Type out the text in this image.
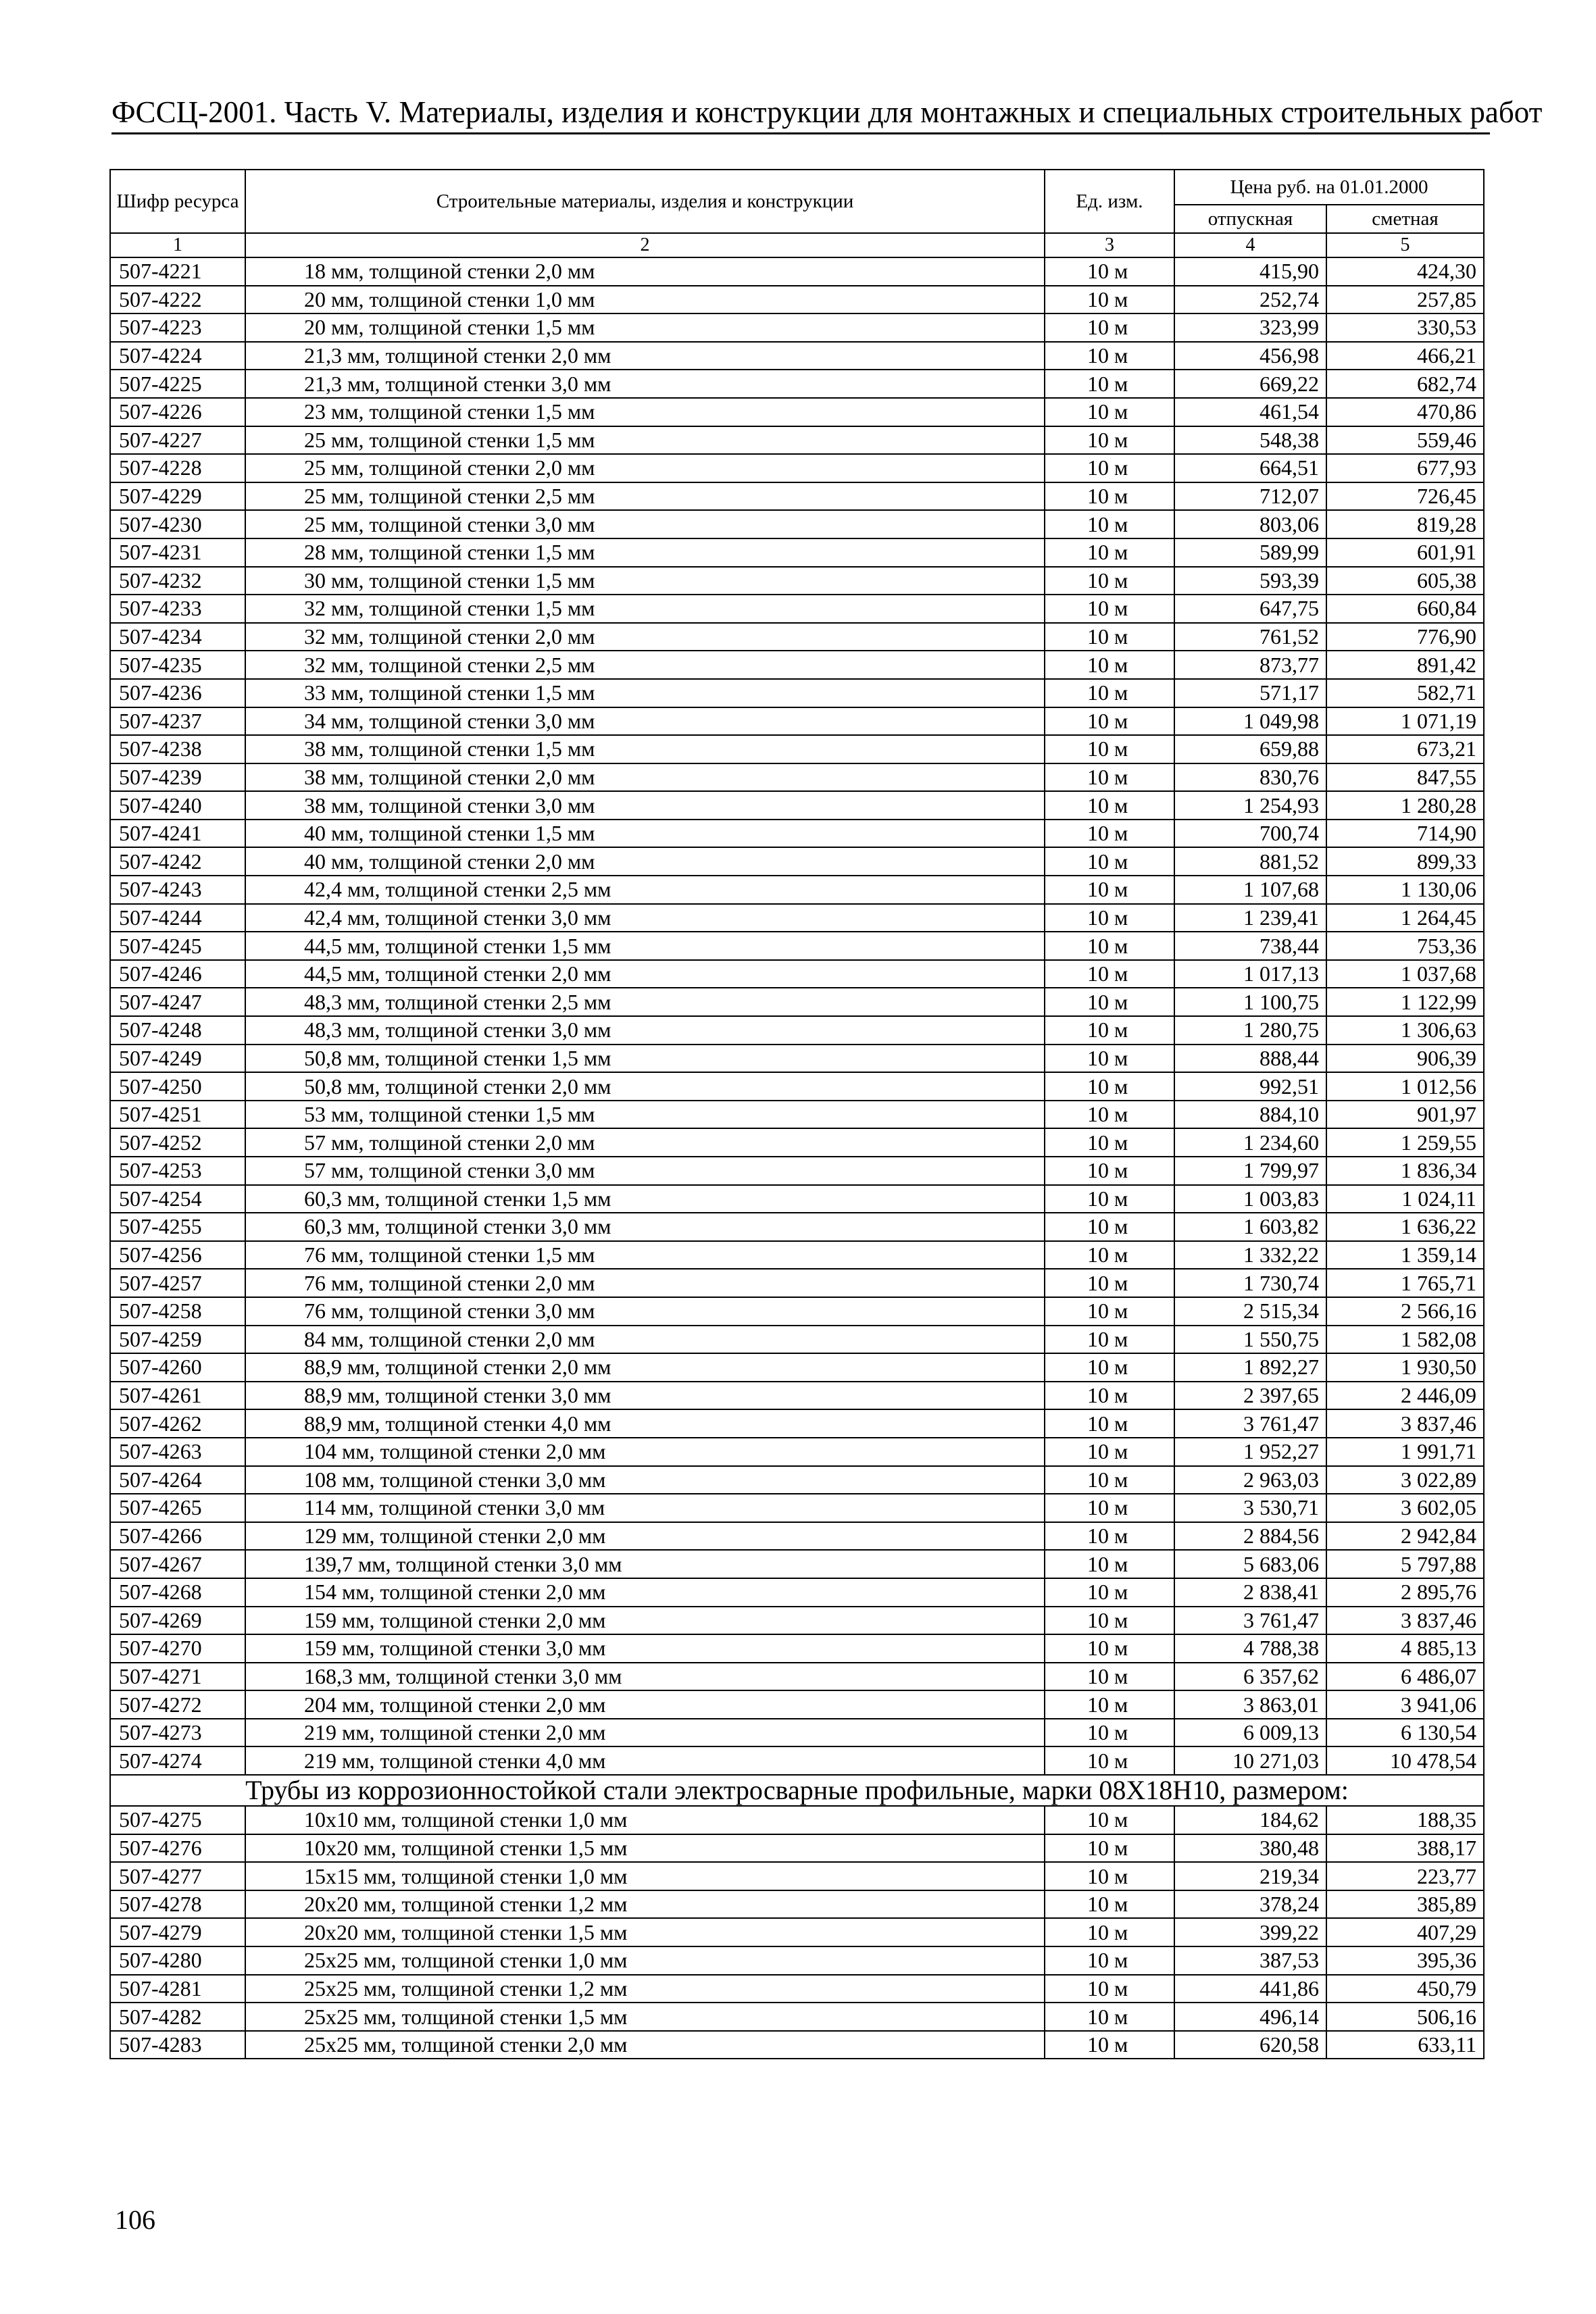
ФССЦ-2001. Часть V. Материалы, изделия и конструкции для монтажных и специальных строительных работ
Шифр ресурса	Строительные материалы, изделия и конструкции	Ед. изм.	Цена руб. на 01.01.2000	
			отпускная	сметная
1	2	3	4	5
507-4221	18 мм, толщиной стенки 2,0 мм	10 м	415,90	424,30
507-4222	20 мм, толщиной стенки 1,0 мм	10 м	252,74	257,85
507-4223	20 мм, толщиной стенки 1,5 мм	10 м	323,99	330,53
507-4224	21,3 мм, толщиной стенки 2,0 мм	10 м	456,98	466,21
507-4225	21,3 мм, толщиной стенки 3,0 мм	10 м	669,22	682,74
507-4226	23 мм, толщиной стенки 1,5 мм	10 м	461,54	470,86
507-4227	25 мм, толщиной стенки 1,5 мм	10 м	548,38	559,46
507-4228	25 мм, толщиной стенки 2,0 мм	10 м	664,51	677,93
507-4229	25 мм, толщиной стенки 2,5 мм	10 м	712,07	726,45
507-4230	25 мм, толщиной стенки 3,0 мм	10 м	803,06	819,28
507-4231	28 мм, толщиной стенки 1,5 мм	10 м	589,99	601,91
507-4232	30 мм, толщиной стенки 1,5 мм	10 м	593,39	605,38
507-4233	32 мм, толщиной стенки 1,5 мм	10 м	647,75	660,84
507-4234	32 мм, толщиной стенки 2,0 мм	10 м	761,52	776,90
507-4235	32 мм, толщиной стенки 2,5 мм	10 м	873,77	891,42
507-4236	33 мм, толщиной стенки 1,5 мм	10 м	571,17	582,71
507-4237	34 мм, толщиной стенки 3,0 мм	10 м	1 049,98	1 071,19
507-4238	38 мм, толщиной стенки 1,5 мм	10 м	659,88	673,21
507-4239	38 мм, толщиной стенки 2,0 мм	10 м	830,76	847,55
507-4240	38 мм, толщиной стенки 3,0 мм	10 м	1 254,93	1 280,28
507-4241	40 мм, толщиной стенки 1,5 мм	10 м	700,74	714,90
507-4242	40 мм, толщиной стенки 2,0 мм	10 м	881,52	899,33
507-4243	42,4 мм, толщиной стенки 2,5 мм	10 м	1 107,68	1 130,06
507-4244	42,4 мм, толщиной стенки 3,0 мм	10 м	1 239,41	1 264,45
507-4245	44,5 мм, толщиной стенки 1,5 мм	10 м	738,44	753,36
507-4246	44,5 мм, толщиной стенки 2,0 мм	10 м	1 017,13	1 037,68
507-4247	48,3 мм, толщиной стенки 2,5 мм	10 м	1 100,75	1 122,99
507-4248	48,3 мм, толщиной стенки 3,0 мм	10 м	1 280,75	1 306,63
507-4249	50,8 мм, толщиной стенки 1,5 мм	10 м	888,44	906,39
507-4250	50,8 мм, толщиной стенки 2,0 мм	10 м	992,51	1 012,56
507-4251	53 мм, толщиной стенки 1,5 мм	10 м	884,10	901,97
507-4252	57 мм, толщиной стенки 2,0 мм	10 м	1 234,60	1 259,55
507-4253	57 мм, толщиной стенки 3,0 мм	10 м	1 799,97	1 836,34
507-4254	60,3 мм, толщиной стенки 1,5 мм	10 м	1 003,83	1 024,11
507-4255	60,3 мм, толщиной стенки 3,0 мм	10 м	1 603,82	1 636,22
507-4256	76 мм, толщиной стенки 1,5 мм	10 м	1 332,22	1 359,14
507-4257	76 мм, толщиной стенки 2,0 мм	10 м	1 730,74	1 765,71
507-4258	76 мм, толщиной стенки 3,0 мм	10 м	2 515,34	2 566,16
507-4259	84 мм, толщиной стенки 2,0 мм	10 м	1 550,75	1 582,08
507-4260	88,9 мм, толщиной стенки 2,0 мм	10 м	1 892,27	1 930,50
507-4261	88,9 мм, толщиной стенки 3,0 мм	10 м	2 397,65	2 446,09
507-4262	88,9 мм, толщиной стенки 4,0 мм	10 м	3 761,47	3 837,46
507-4263	104 мм, толщиной стенки 2,0 мм	10 м	1 952,27	1 991,71
507-4264	108 мм, толщиной стенки 3,0 мм	10 м	2 963,03	3 022,89
507-4265	114 мм, толщиной стенки 3,0 мм	10 м	3 530,71	3 602,05
507-4266	129 мм, толщиной стенки 2,0 мм	10 м	2 884,56	2 942,84
507-4267	139,7 мм, толщиной стенки 3,0 мм	10 м	5 683,06	5 797,88
507-4268	154 мм, толщиной стенки 2,0 мм	10 м	2 838,41	2 895,76
507-4269	159 мм, толщиной стенки 2,0 мм	10 м	3 761,47	3 837,46
507-4270	159 мм, толщиной стенки 3,0 мм	10 м	4 788,38	4 885,13
507-4271	168,3 мм, толщиной стенки 3,0 мм	10 м	6 357,62	6 486,07
507-4272	204 мм, толщиной стенки 2,0 мм	10 м	3 863,01	3 941,06
507-4273	219 мм, толщиной стенки 2,0 мм	10 м	6 009,13	6 130,54
507-4274	219 мм, толщиной стенки 4,0 мм	10 м	10 271,03	10 478,54
Трубы из коррозионностойкой стали электросварные профильные, марки 08Х18Н10, размером:				
507-4275	10x10 мм, толщиной стенки 1,0 мм	10 м	184,62	188,35
507-4276	10x20 мм, толщиной стенки 1,5 мм	10 м	380,48	388,17
507-4277	15x15 мм, толщиной стенки 1,0 мм	10 м	219,34	223,77
507-4278	20x20 мм, толщиной стенки 1,2 мм	10 м	378,24	385,89
507-4279	20x20 мм, толщиной стенки 1,5 мм	10 м	399,22	407,29
507-4280	25x25 мм, толщиной стенки 1,0 мм	10 м	387,53	395,36
507-4281	25x25 мм, толщиной стенки 1,2 мм	10 м	441,86	450,79
507-4282	25x25 мм, толщиной стенки 1,5 мм	10 м	496,14	506,16
507-4283	25x25 мм, толщиной стенки 2,0 мм	10 м	620,58	633,11
106
